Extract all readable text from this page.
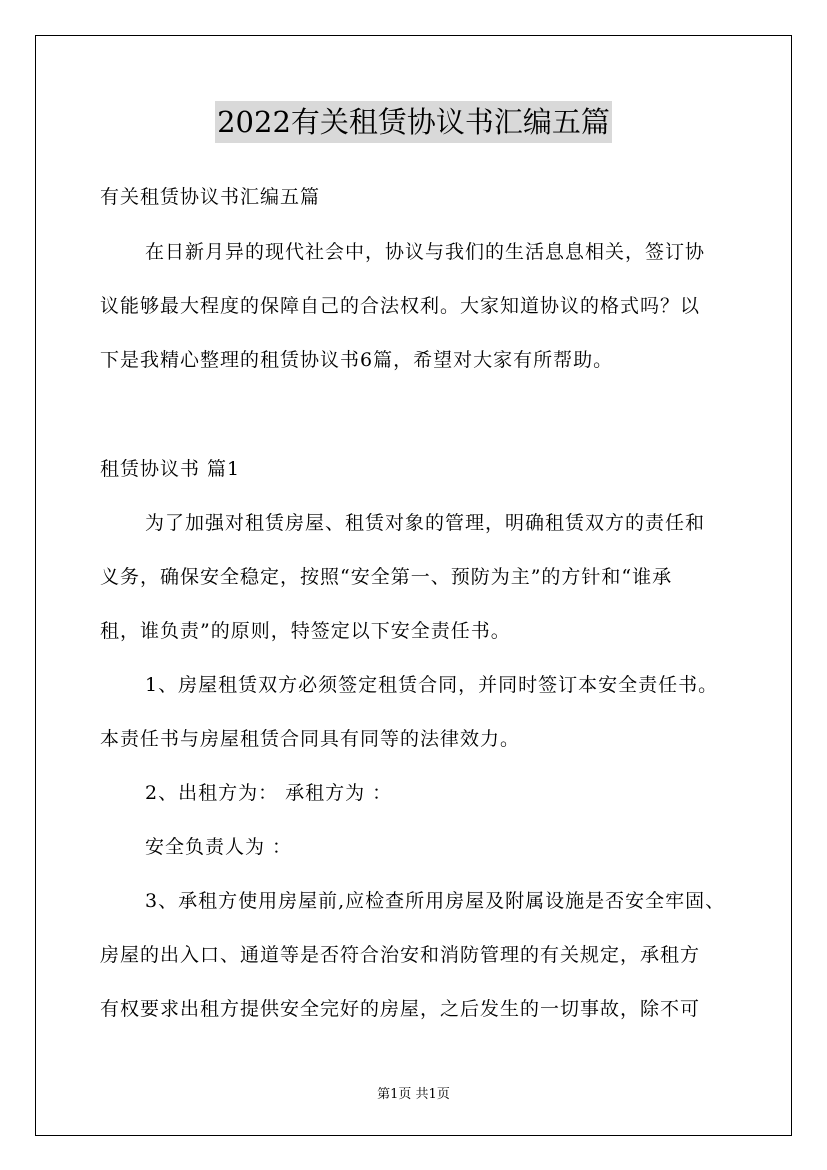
2022有关租赁协议书汇编五篇
有关租赁协议书汇编五篇
在日新月异的现代社会中，协议与我们的生活息息相关，签订协
议能够最大程度的保障自己的合法权利。大家知道协议的格式吗？以
下是我精心整理的租赁协议书6篇，希望对大家有所帮助。
租赁协议书 篇1
为了加强对租赁房屋、租赁对象的管理，明确租赁双方的责任和
义务，确保安全稳定，按照“安全第一、预防为主”的方针和“谁承
租，谁负责”的原则，特签定以下安全责任书。
1、房屋租赁双方必须签定租赁合同，并同时签订本安全责任书。
本责任书与房屋租赁合同具有同等的法律效力。
2、出租方为： 承租方为 ：
安全负责人为 ：
3、承租方使用房屋前,应检查所用房屋及附属设施是否安全牢固、
房屋的出入口、通道等是否符合治安和消防管理的有关规定，承租方
有权要求出租方提供安全完好的房屋，之后发生的一切事故，除不可
第1页 共1页
